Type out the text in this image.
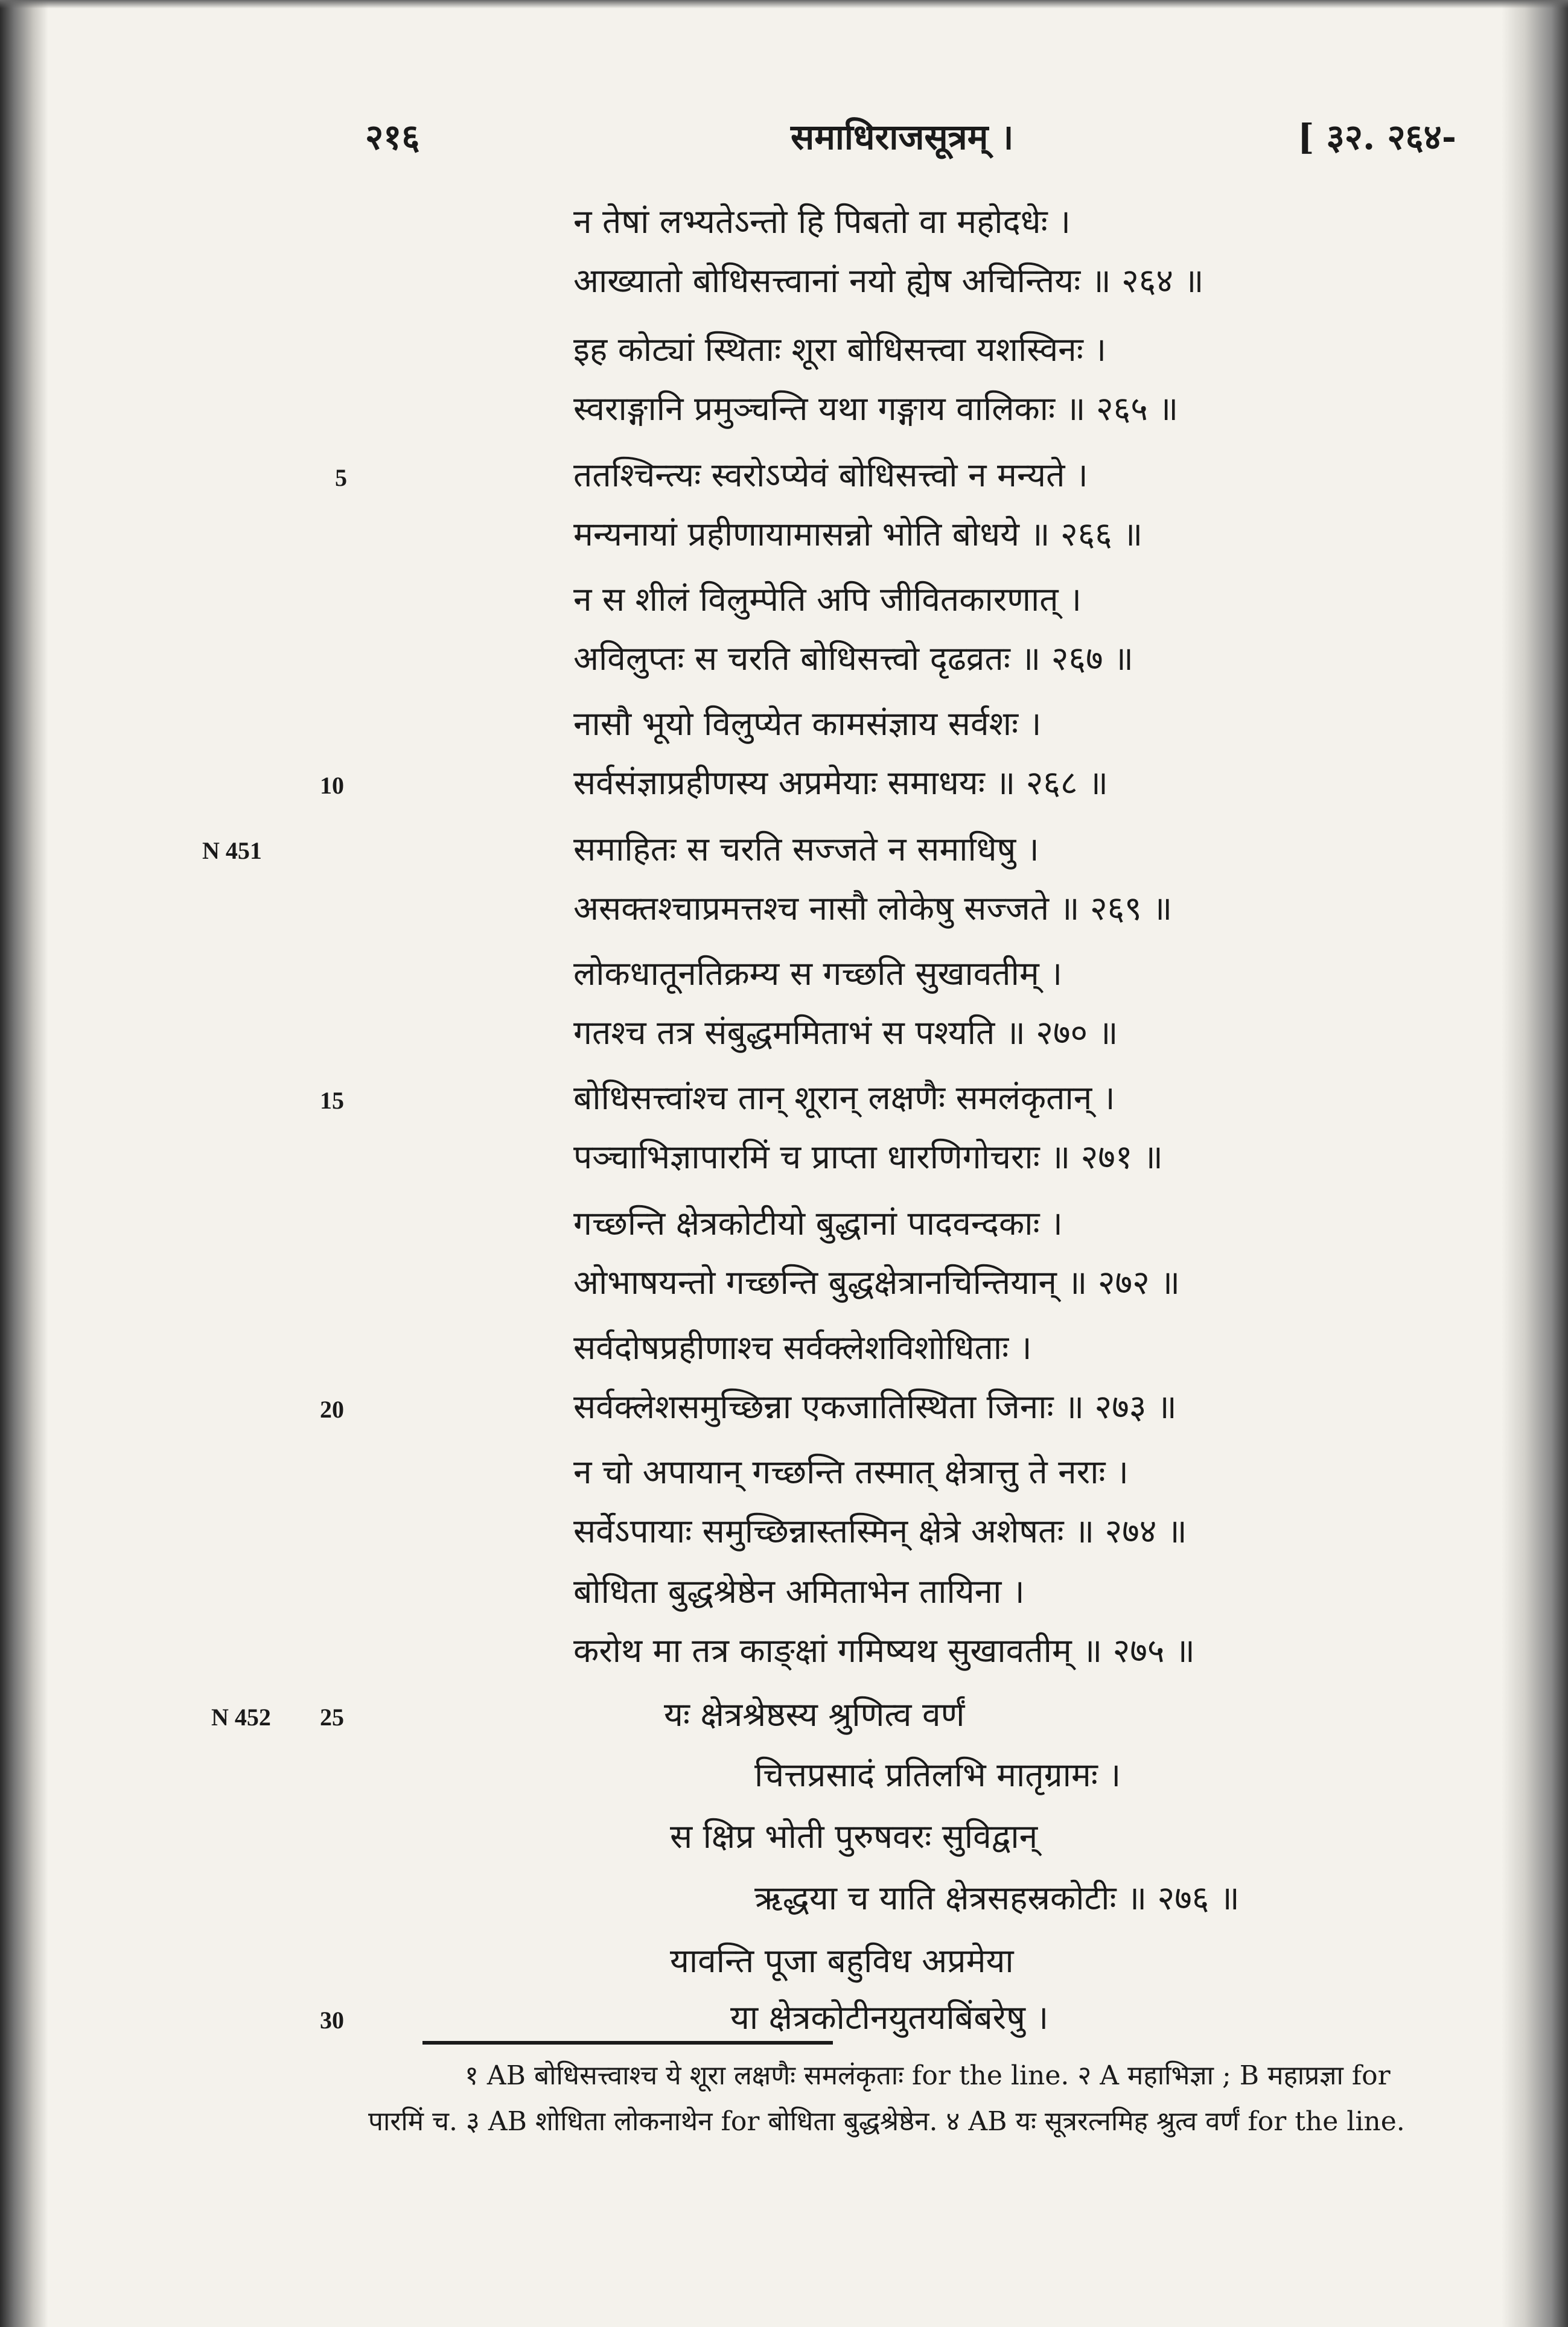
२१६	समाधिराजसूत्रम् ।	[ ३२. २६४-
न तेषां लभ्यतेऽन्तो हि पिबतो वा महोदधेः ।
आख्यातो बोधिसत्त्वानां नयो ह्येष अचिन्तियः ॥ २६४ ॥
इह कोट्यां स्थिताः शूरा बोधिसत्त्वा यशस्विनः ।
स्वराङ्गानि प्रमुञ्चन्ति यथा गङ्गाय वालिकाः ॥ २६५ ॥
ततश्चिन्त्यः स्वरोऽप्येवं बोधिसत्त्वो न मन्यते ।
मन्यनायां प्रहीणायामासन्नो भोति बोधये ॥ २६६ ॥
न स शीलं विलुम्पेति अपि जीवितकारणात् ।
अविलुप्तः स चरति बोधिसत्त्वो दृढव्रतः ॥ २६७ ॥
नासौ भूयो विलुप्येत कामसंज्ञाय सर्वशः ।
सर्वसंज्ञाप्रहीणस्य अप्रमेयाः समाधयः ॥ २६८ ॥
समाहितः स चरति सज्जते न समाधिषु ।
असक्तश्चाप्रमत्तश्च नासौ लोकेषु सज्जते ॥ २६९ ॥
लोकधातूनतिक्रम्य स गच्छति सुखावतीम् ।
गतश्च तत्र संबुद्धममिताभं स पश्यति ॥ २७० ॥
बोधिसत्त्वांश्च तान् शूरान् लक्षणैः समलंकृतान् ।
पञ्चाभिज्ञापारमिं च प्राप्ता धारणिगोचराः ॥ २७१ ॥
गच्छन्ति क्षेत्रकोटीयो बुद्धानां पादवन्दकाः ।
ओभाषयन्तो गच्छन्ति बुद्धक्षेत्रानचिन्तियान् ॥ २७२ ॥
सर्वदोषप्रहीणाश्च सर्वक्लेशविशोधिताः ।
सर्वक्लेशसमुच्छिन्ना एकजातिस्थिता जिनाः ॥ २७३ ॥
न चो अपायान् गच्छन्ति तस्मात् क्षेत्रात्तु ते नराः ।
सर्वेऽपायाः समुच्छिन्नास्तस्मिन् क्षेत्रे अशेषतः ॥ २७४ ॥
बोधिता बुद्धश्रेष्ठेन अमिताभेन तायिना ।
करोथ मा तत्र काङ्क्षां गमिष्यथ सुखावतीम् ॥ २७५ ॥
यः क्षेत्रश्रेष्ठस्य श्रुणित्व वर्णं
चित्तप्रसादं प्रतिलभि मातृग्रामः ।
स क्षिप्र भोती पुरुषवरः सुविद्वान्
ऋद्धया च याति क्षेत्रसहस्रकोटीः ॥ २७६ ॥
यावन्ति पूजा बहुविध अप्रमेया
या क्षेत्रकोटीनयुतयबिंबरेषु ।
5
10
15
20
25
30
N 451
N 452
१ AB बोधिसत्त्वाश्च ये शूरा लक्षणैः समलंकृताः for the line. २ A महाभिज्ञा ; B महाप्रज्ञा for
पारमिं च. ३ AB शोधिता लोकनाथेन for बोधिता बुद्धश्रेष्ठेन. ४ AB यः सूत्ररत्नमिह श्रुत्व वर्णं for the line.
